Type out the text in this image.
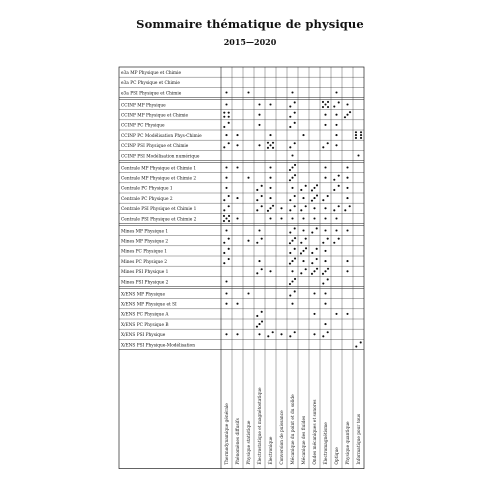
Sommaire thématique de physique
2015—2020
e3a MP Physique et Chimie
e3a PC Physique et Chimie
e3a PSI Physique et Chimie
CCINP MP Physique
CCINP MP Physique et Chimie
CCINP PC Physique
CCINP PC Modélisation Phys-Chimie
CCINP PSI Physique et Chimie
CCINP PSI Modélisation numérique
Centrale MP Physique et Chimie 1
Centrale MP Physique et Chimie 2
Centrale PC Physique 1
Centrale PC Physique 2
Centrale PSI Physique et Chimie 1
Centrale PSI Physique et Chimie 2
Mines MP Physique 1
Mines MP Physique 2
Mines PC Physique 1
Mines PC Physique 2
Mines PSI Physique 1
Mines PSI Physique 2
X/ENS MP Physique
X/ENS MP Physique et SI
X/ENS PC Physique A
X/ENS PC Physique B
X/ENS PSI Physique
X/ENS PSI Physique-Modélisation
Thermodynamique générale Phénomènes diffusifs Physique statistique Électrostatique et magnétostatique Électronique Conversion de puissance Mécanique du point et du solide Mécanique des fluides Ondes mécaniques et sonores Électromagnétisme Optique Physique quantique Informatique pour tous
